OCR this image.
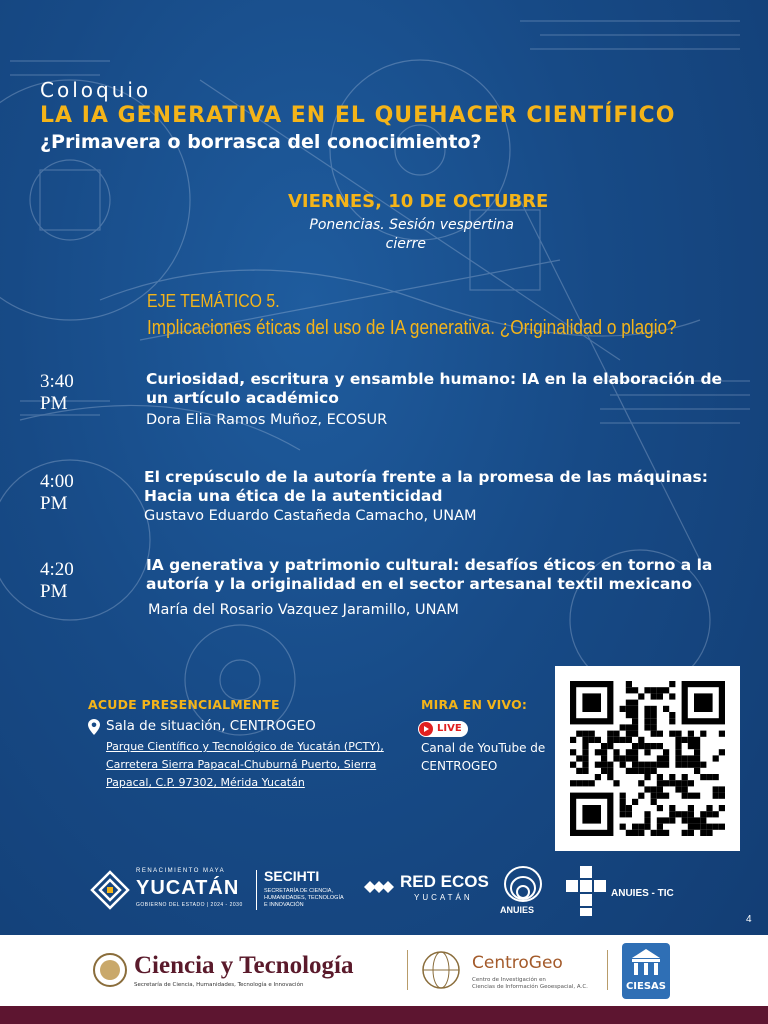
Coloquio
LA IA GENERATIVA EN EL QUEHACER CIENTÍFICO
¿Primavera o borrasca del conocimiento?
VIERNES, 10 DE OCTUBRE
Ponencias. Sesión vespertina
cierre
EJE TEMÁTICO 5.
Implicaciones éticas del uso de IA generativa. ¿Originalidad o plagio?
3:40 PM
Curiosidad, escritura y ensamble humano: IA en la elaboración de
un artículo académico
Dora Elia Ramos Muñoz, ECOSUR
4:00 PM
El crepúsculo de la autoría frente a la promesa de las máquinas:
Hacia una ética de la autenticidad
Gustavo Eduardo Castañeda Camacho, UNAM
4:20 PM
IA generativa y patrimonio cultural: desafíos éticos en torno a la
autoría y la originalidad en el sector artesanal textil mexicano
María del Rosario Vazquez Jaramillo, UNAM
ACUDE PRESENCIALMENTE
Sala de situación, CENTROGEO
Parque Científico y Tecnológico de Yucatán (PCTY),
Carretera Sierra Papacal-Chuburná Puerto, Sierra
Papacal, C.P. 97302, Mérida Yucatán
MIRA EN VIVO:
LIVE
Canal de YouTube de
CENTROGEO
RENACIMIENTO MAYA
YUCATÁN
GOBIERNO DEL ESTADO | 2024 - 2030
SECIHTI
SECRETARÍA DE CIENCIA,
HUMANIDADES, TECNOLOGÍA
E INNOVACIÓN
RED ECOS
YUCATÁN
ANUIES
ANUIES - TIC
4
Ciencia y Tecnología
Secretaría de Ciencia, Humanidades, Tecnología e Innovación
CentroGeo
Centro de Investigación en
Ciencias de Información Geoespacial, A.C.	CIESAS
